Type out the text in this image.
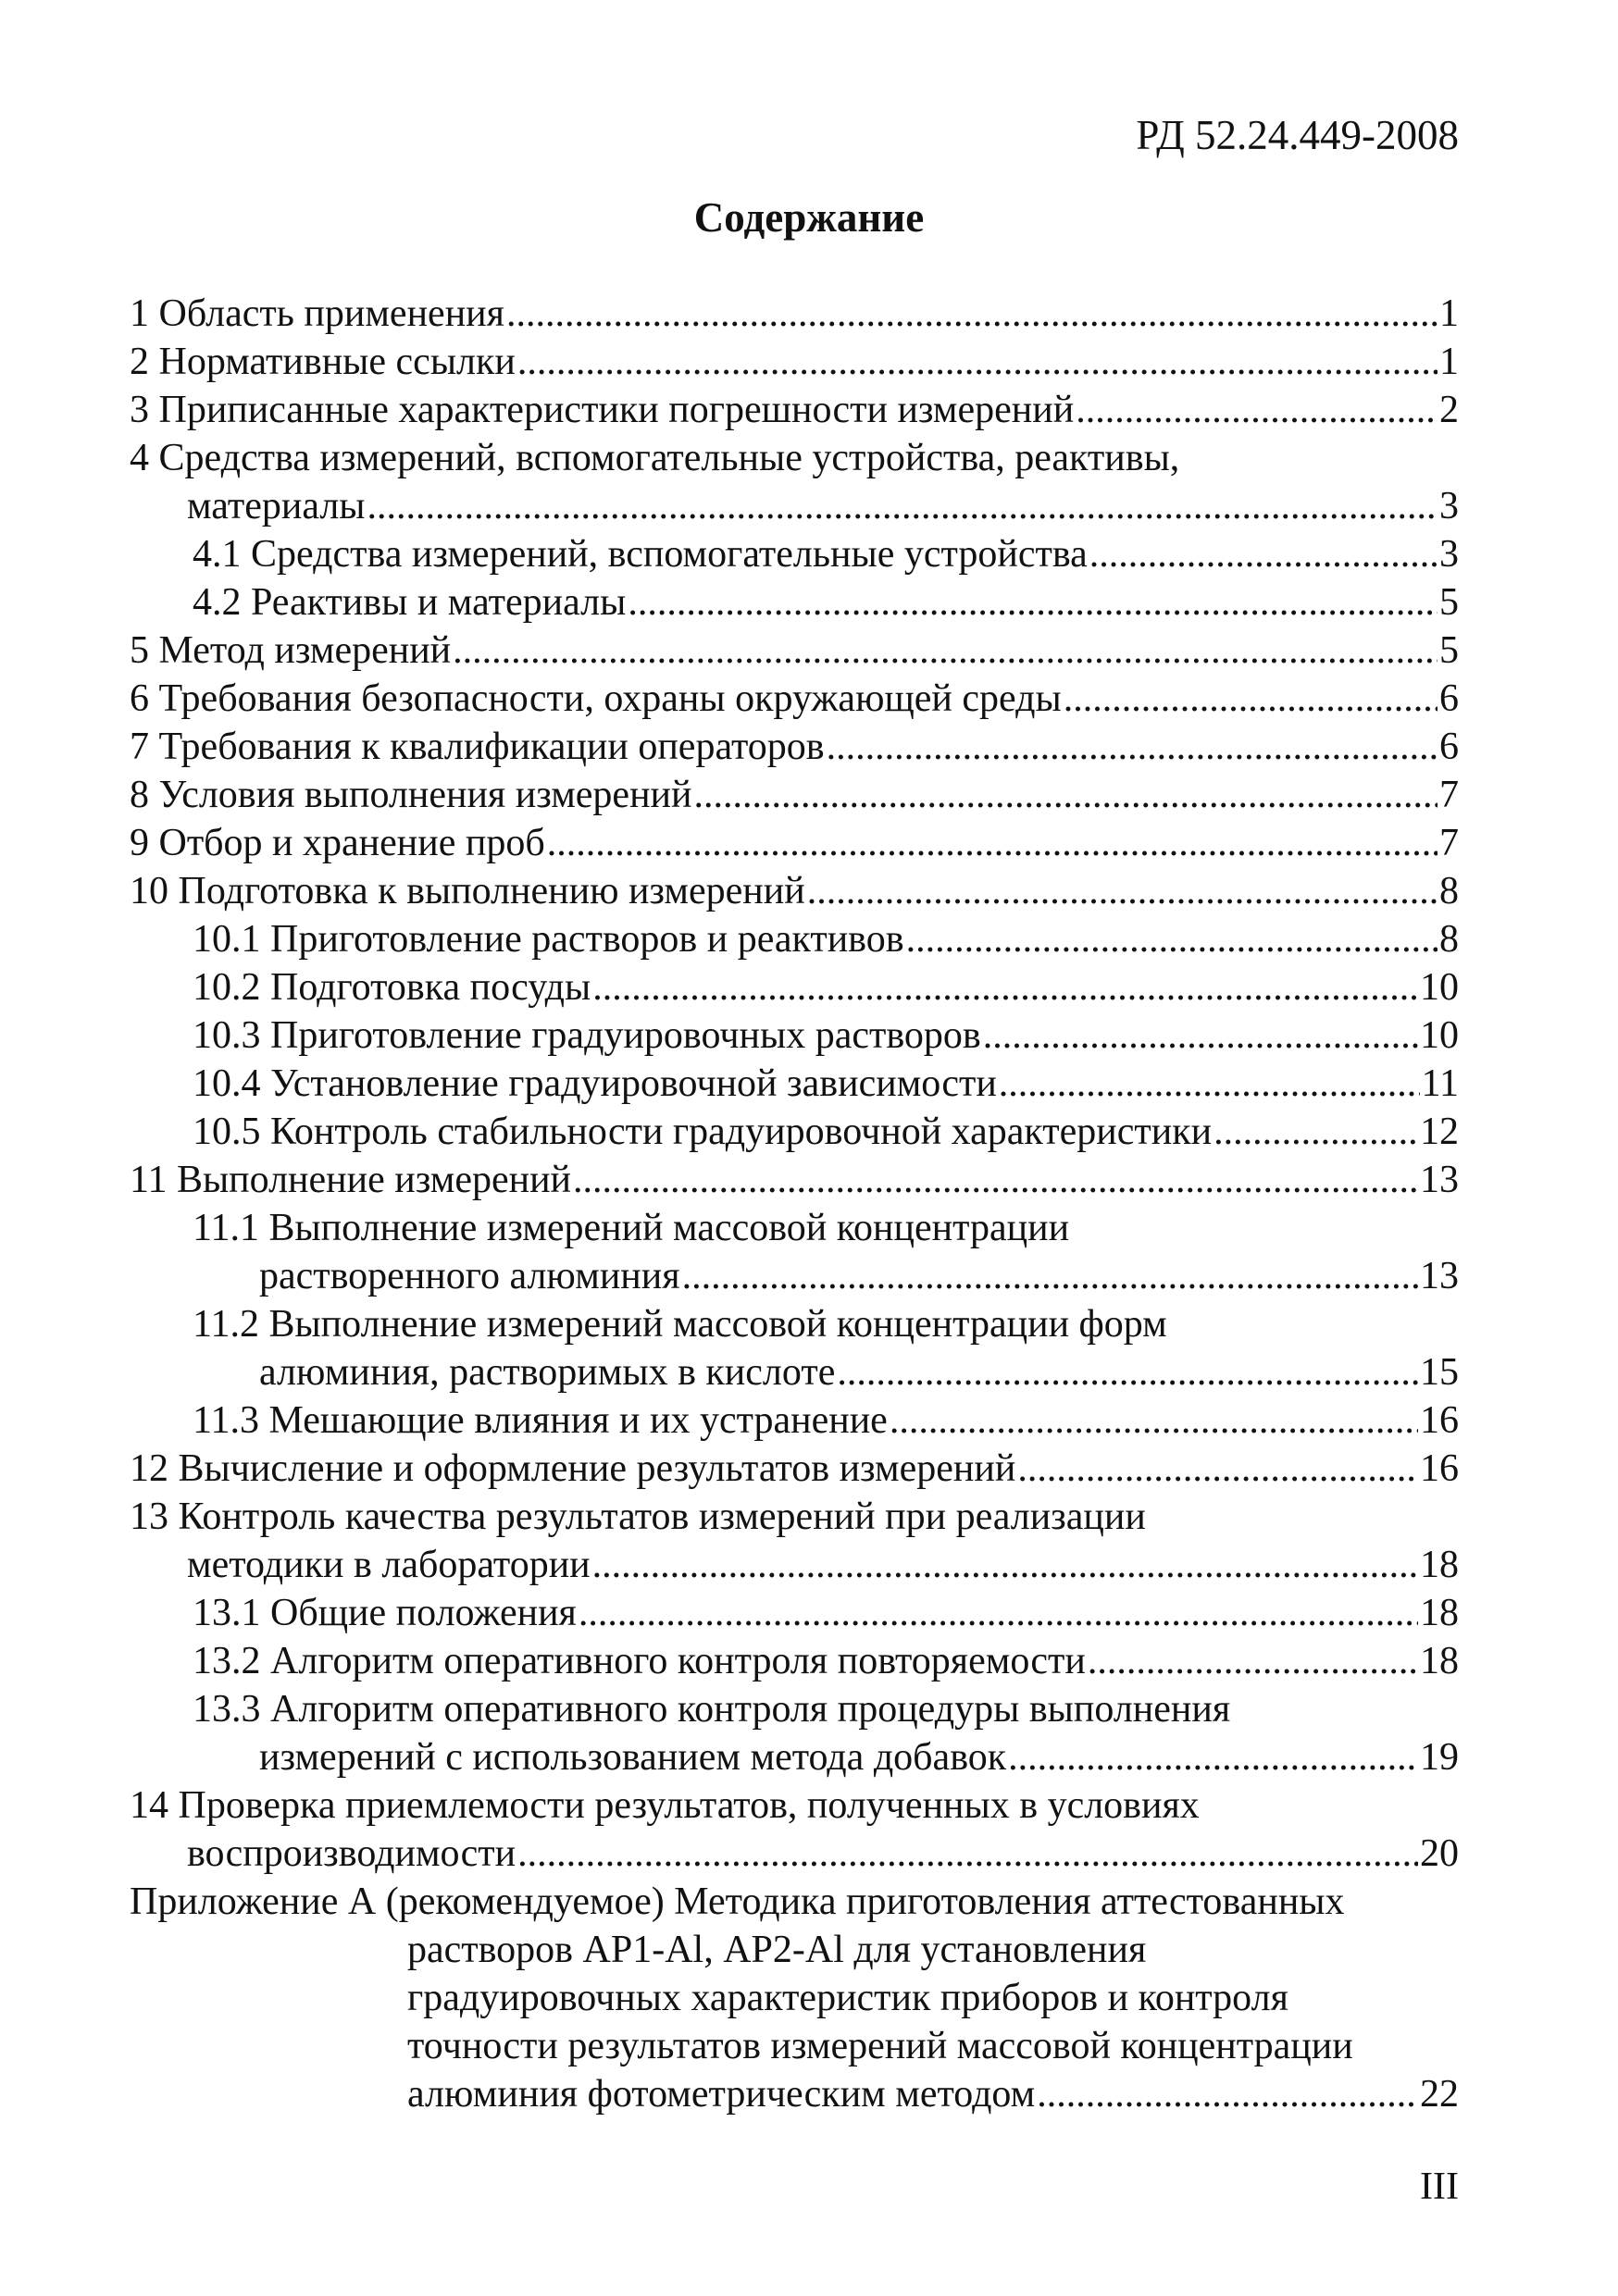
РД 52.24.449-2008
Содержание
1 Область применения .....	1
2 Нормативные ссылки .....	1
3 Приписанные характеристики погрешности измерений .....	2
4 Средства измерений, вспомогательные устройства, реактивы,
материалы .....	3
4.1 Средства измерений, вспомогательные устройства .....	3
4.2 Реактивы и материалы .....	5
5 Метод измерений .....	5
6 Требования безопасности, охраны окружающей среды .....	6
7 Требования к квалификации операторов .....	6
8 Условия выполнения измерений .....	7
9 Отбор и хранение проб .....	7
10 Подготовка к выполнению измерений .....	8
10.1 Приготовление растворов и реактивов .....	8
10.2 Подготовка посуды .....	10
10.3 Приготовление градуировочных растворов .....	10
10.4 Установление градуировочной зависимости .....	11
10.5 Контроль стабильности градуировочной характеристики .....	12
11 Выполнение измерений .....	13
11.1 Выполнение измерений массовой концентрации
растворенного алюминия .....	13
11.2 Выполнение измерений массовой концентрации форм
алюминия, растворимых в кислоте .....	15
11.3 Мешающие влияния и их устранение .....	16
12 Вычисление и оформление результатов измерений .....	16
13 Контроль качества результатов измерений при реализации
методики в лаборатории .....	18
13.1 Общие положения .....	18
13.2 Алгоритм оперативного контроля повторяемости .....	18
13.3 Алгоритм оперативного контроля процедуры выполнения
измерений с использованием метода добавок .....	19
14 Проверка приемлемости результатов, полученных в условиях
воспроизводимости .....	20
Приложение А (рекомендуемое) Методика приготовления аттестованных
растворов АР1-Al, АР2-Al для установления
градуировочных характеристик приборов и контроля
точности результатов измерений массовой концентрации
алюминия фотометрическим методом .....	22
III
